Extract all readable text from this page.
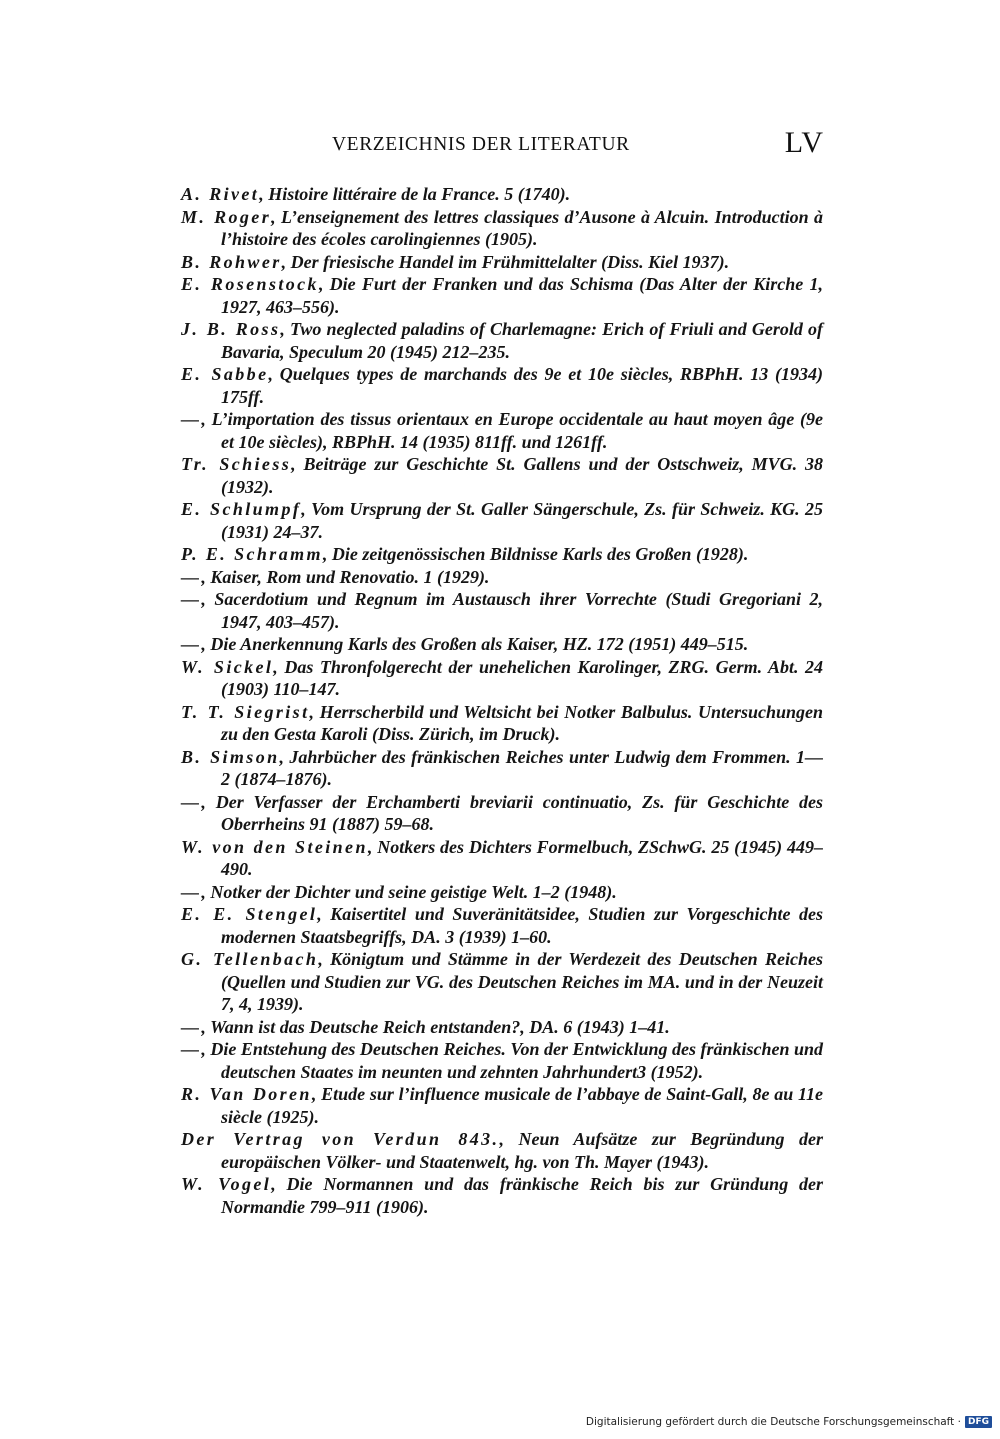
VERZEICHNIS DER LITERATUR	LV
A. Rivet, Histoire littéraire de la France. 5 (1740).
M. Roger, L’enseignement des lettres classiques d’Ausone à Alcuin. Introduction à l’histoire des écoles carolingiennes (1905).
B. Rohwer, Der friesische Handel im Frühmittelalter (Diss. Kiel 1937).
E. Rosenstock, Die Furt der Franken und das Schisma (Das Alter der Kirche 1, 1927, 463–556).
J. B. Ross, Two neglected paladins of Charlemagne: Erich of Friuli and Gerold of Bavaria, Speculum 20 (1945) 212–235.
E. Sabbe, Quelques types de marchands des 9e et 10e siècles, RBPhH. 13 (1934) 175ff.
—, L’importation des tissus orientaux en Europe occidentale au haut moyen âge (9e et 10e siècles), RBPhH. 14 (1935) 811ff. und 1261ff.
Tr. Schiess, Beiträge zur Geschichte St. Gallens und der Ostschweiz, MVG. 38 (1932).
E. Schlumpf, Vom Ursprung der St. Galler Sängerschule, Zs. für Schweiz. KG. 25 (1931) 24–37.
P. E. Schramm, Die zeitgenössischen Bildnisse Karls des Großen (1928).
—, Kaiser, Rom und Renovatio. 1 (1929).
—, Sacerdotium und Regnum im Austausch ihrer Vorrechte (Studi Gregoriani 2, 1947, 403–457).
—, Die Anerkennung Karls des Großen als Kaiser, HZ. 172 (1951) 449–515.
W. Sickel, Das Thronfolgerecht der unehelichen Karolinger, ZRG. Germ. Abt. 24 (1903) 110–147.
T. T. Siegrist, Herrscherbild und Weltsicht bei Notker Balbulus. Untersuchungen zu den Gesta Karoli (Diss. Zürich, im Druck).
B. Simson, Jahrbücher des fränkischen Reiches unter Ludwig dem Frommen. 1—2 (1874–1876).
—, Der Verfasser der Erchamberti breviarii continuatio, Zs. für Geschichte des Oberrheins 91 (1887) 59–68.
W. von den Steinen, Notkers des Dichters Formelbuch, ZSchwG. 25 (1945) 449–490.
—, Notker der Dichter und seine geistige Welt. 1–2 (1948).
E. E. Stengel, Kaisertitel und Suveränitätsidee, Studien zur Vorgeschichte des modernen Staatsbegriffs, DA. 3 (1939) 1–60.
G. Tellenbach, Königtum und Stämme in der Werdezeit des Deutschen Reiches (Quellen und Studien zur VG. des Deutschen Reiches im MA. und in der Neuzeit 7, 4, 1939).
—, Wann ist das Deutsche Reich entstanden?, DA. 6 (1943) 1–41.
—, Die Entstehung des Deutschen Reiches. Von der Entwicklung des fränkischen und deutschen Staates im neunten und zehnten Jahrhundert3 (1952).
R. Van Doren, Etude sur l’influence musicale de l’abbaye de Saint-Gall, 8e au 11e siècle (1925).
Der Vertrag von Verdun 843., Neun Aufsätze zur Begründung der europäischen Völker- und Staatenwelt, hg. von Th. Mayer (1943).
W. Vogel, Die Normannen und das fränkische Reich bis zur Gründung der Normandie 799–911 (1906).
Digitalisierung gefördert durch die Deutsche Forschungsgemeinschaft · DFG
